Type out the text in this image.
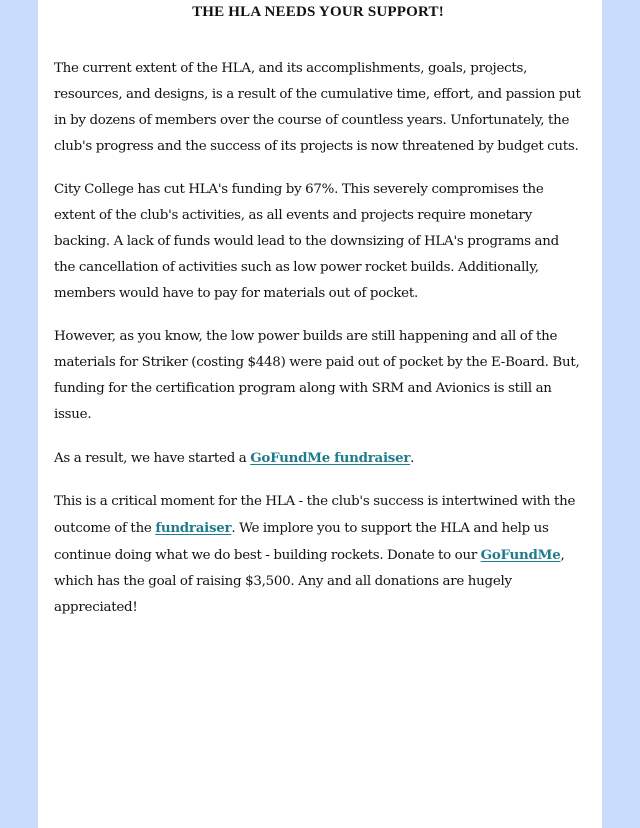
THE HLA NEEDS YOUR SUPPORT!

The current extent of the HLA, and its accomplishments, goals, projects, resources, and designs, is a result of the cumulative time, effort, and passion put in by dozens of members over the course of countless years. Unfortunately, the club's progress and the success of its projects is now threatened by budget cuts.

City College has cut HLA's funding by 67%. This severely compromises the extent of the club's activities, as all events and projects require monetary backing. A lack of funds would lead to the downsizing of HLA's programs and the cancellation of activities such as low power rocket builds. Additionally, members would have to pay for materials out of pocket.

However, as you know, the low power builds are still happening and all of the materials for Striker (costing $448) were paid out of pocket by the E-Board. But, funding for the certification program along with SRM and Avionics is still an issue.

As a result, we have started a GoFundMe fundraiser.

This is a critical moment for the HLA - the club's success is intertwined with the outcome of the fundraiser. We implore you to support the HLA and help us continue doing what we do best - building rockets. Donate to our GoFundMe, which has the goal of raising $3,500. Any and all donations are hugely appreciated!
